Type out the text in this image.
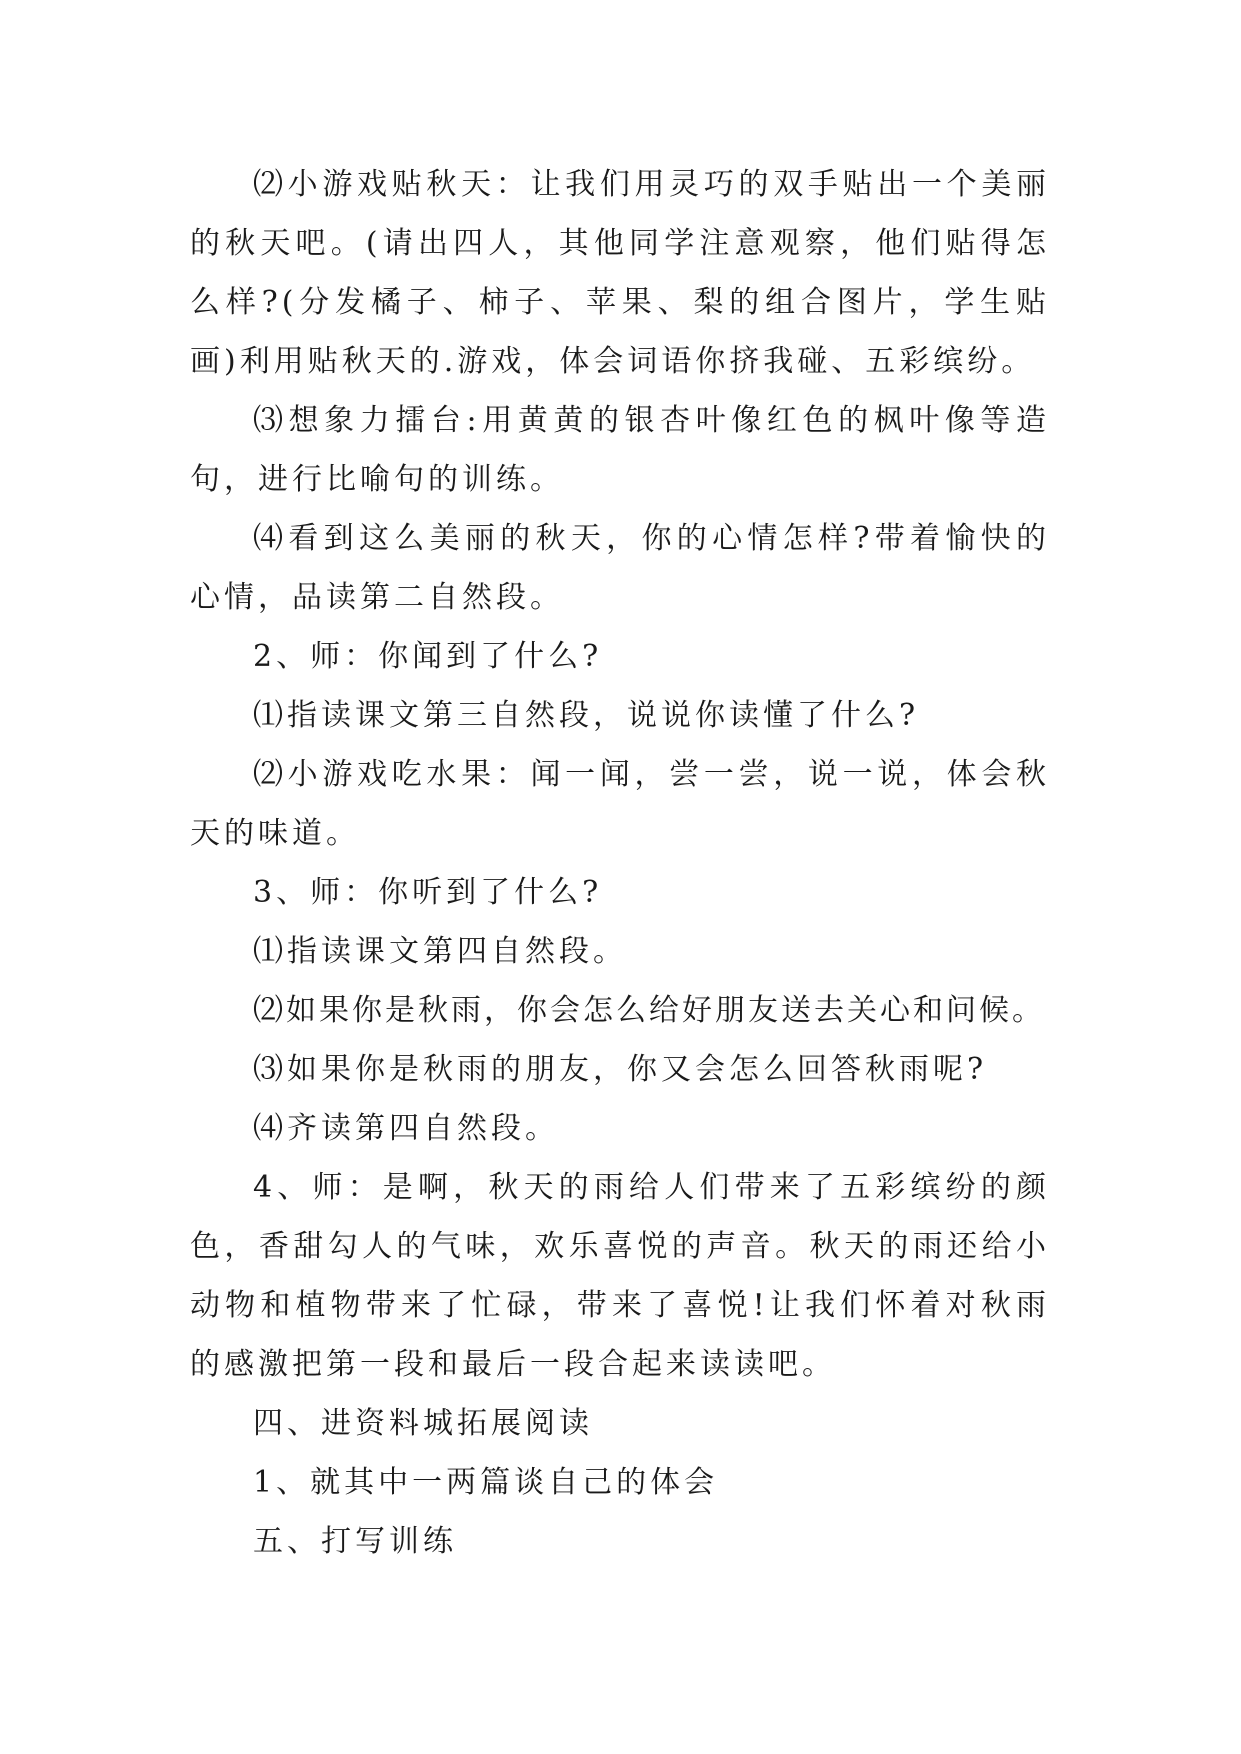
⑵小游戏贴秋天：让我们用灵巧的双手贴出一个美丽的秋天吧。(请出四人，其他同学注意观察，他们贴得怎么样?(分发橘子、柿子、苹果、梨的组合图片，学生贴画)利用贴秋天的.游戏，体会词语你挤我碰、五彩缤纷。

⑶想象力擂台:用黄黄的银杏叶像红色的枫叶像等造句，进行比喻句的训练。

⑷看到这么美丽的秋天，你的心情怎样?带着愉快的心情，品读第二自然段。

2、师：你闻到了什么?

⑴指读课文第三自然段，说说你读懂了什么?

⑵小游戏吃水果：闻一闻，尝一尝，说一说，体会秋天的味道。

3、师：你听到了什么?

⑴指读课文第四自然段。

⑵如果你是秋雨，你会怎么给好朋友送去关心和问候。

⑶如果你是秋雨的朋友，你又会怎么回答秋雨呢?

⑷齐读第四自然段。

4、师：是啊，秋天的雨给人们带来了五彩缤纷的颜色，香甜勾人的气味，欢乐喜悦的声音。秋天的雨还给小动物和植物带来了忙碌，带来了喜悦!让我们怀着对秋雨的感激把第一段和最后一段合起来读读吧。

四、进资料城拓展阅读

1、就其中一两篇谈自己的体会

五、打写训练
